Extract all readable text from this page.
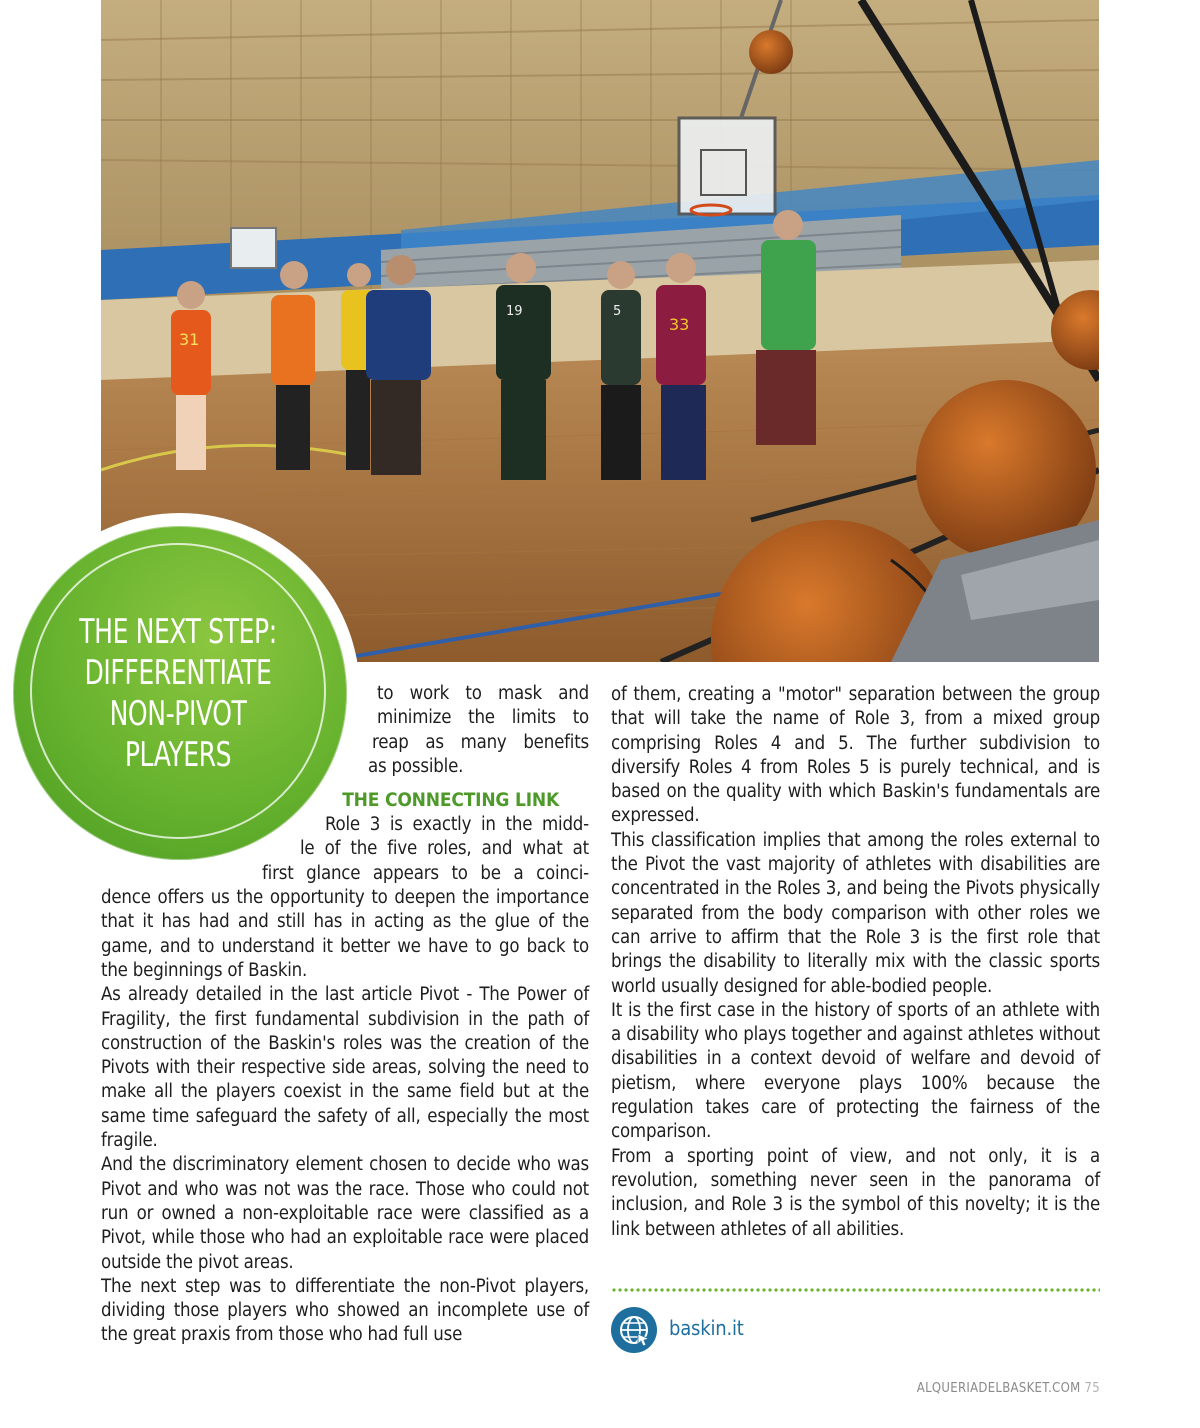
31
33
19	5
THE NEXT STEP:
DIFFERENTIATE
NON-PIVOT
PLAYERS
to work to mask and
minimize the limits to
reap as many benefits
as possible.
THE CONNECTING LINK
Role 3 is exactly in the midd-
le of the five roles, and what at
first glance appears to be a coinci-

dence offers us the opportunity to deepen the importance that it has had and still has in acting as the glue of the game, and to understand it better we have to go back to the beginnings of Baskin.

As already detailed in the last article Pivot - The Power of Fragility, the first fundamental subdivision in the path of construction of the Baskin's roles was the creation of the Pivots with their respective side areas, solving the need to make all the players coexist in the same field but at the same time safeguard the safety of all, especially the most fragile.

And the discriminatory element chosen to decide who was Pivot and who was not was the race. Those who could not run or owned a non-exploitable race were classified as a Pivot, while those who had an exploitable race were placed outside the pivot areas.

The next step was to differentiate the non-Pivot players, dividing those players who showed an incomplete use of the great praxis from those who had full use

of them, creating a "motor" separation between the group that will take the name of Role 3, from a mixed group comprising Roles 4 and 5. The further subdivision to diversify Roles 4 from Roles 5 is purely technical, and is based on the quality with which Baskin's fundamentals are expressed.

This classification implies that among the roles external to the Pivot the vast majority of athletes with disabilities are concentrated in the Roles 3, and being the Pivots physically separated from the body comparison with other roles we can arrive to affirm that the Role 3 is the first role that brings the disability to literally mix with the classic sports world usually designed for able-bodied people.

It is the first case in the history of sports of an athlete with a disability who plays together and against athletes without disabilities in a context devoid of welfare and devoid of pietism, where everyone plays 100% because the regulation takes care of protecting the fairness of the comparison.

From a sporting point of view, and not only, it is a revolution, something never seen in the panorama of inclusion, and Role 3 is the symbol of this novelty; it is the link between athletes of all abilities.

baskin.it
ALQUERIADELBASKET.COM 75
